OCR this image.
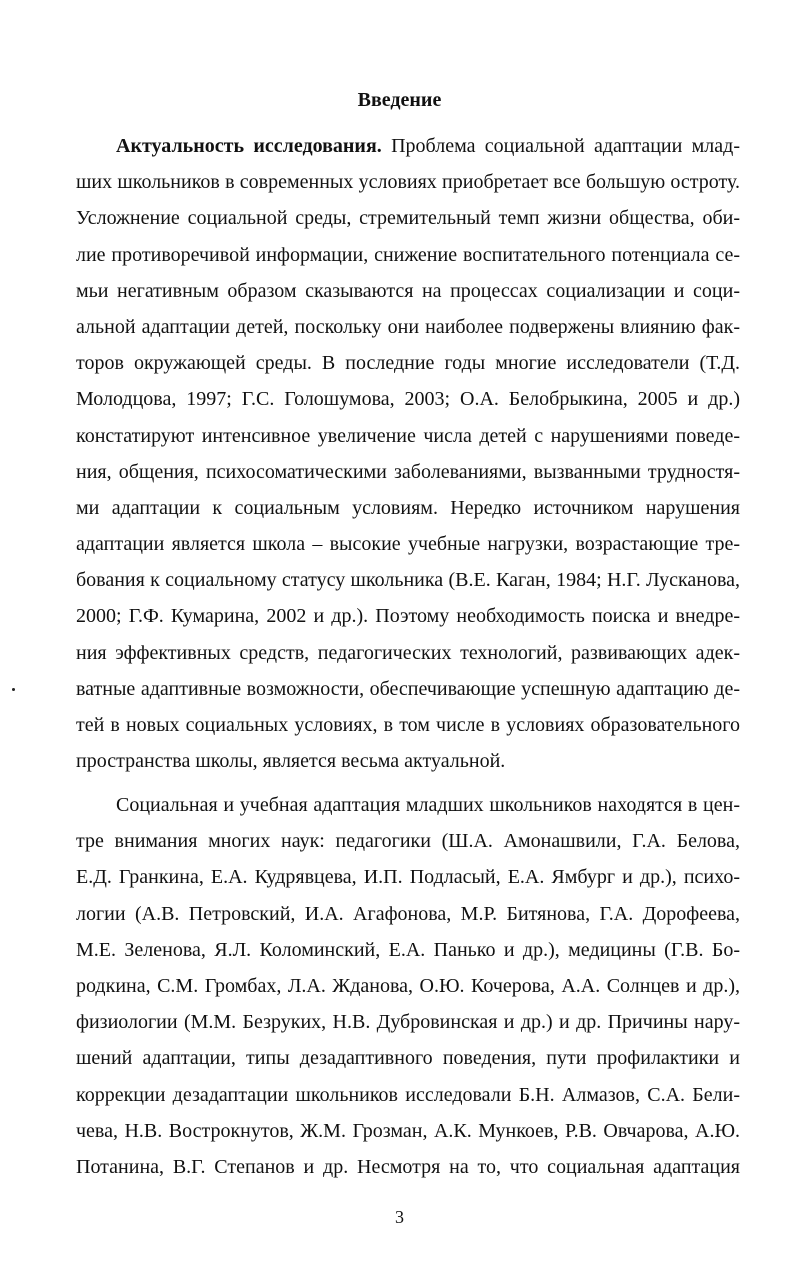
Введение
Актуальность исследования. Проблема социальной адаптации млад-
ших школьников в современных условиях приобретает все большую остроту.
Усложнение социальной среды, стремительный темп жизни общества, оби-
лие противоречивой информации, снижение воспитательного потенциала се-
мьи негативным образом сказываются на процессах социализации и соци-
альной адаптации детей, поскольку они наиболее подвержены влиянию фак-
торов окружающей среды. В последние годы многие исследователи (Т.Д.
Молодцова, 1997; Г.С. Голошумова, 2003; О.А. Белобрыкина, 2005 и др.)
констатируют интенсивное увеличение числа детей с нарушениями поведе-
ния, общения, психосоматическими заболеваниями, вызванными трудностя-
ми адаптации к социальным условиям. Нередко источником нарушения
адаптации является школа – высокие учебные нагрузки, возрастающие тре-
бования к социальному статусу школьника (В.Е. Каган, 1984; Н.Г. Лусканова,
2000; Г.Ф. Кумарина, 2002 и др.). Поэтому необходимость поиска и внедре-
ния эффективных средств, педагогических технологий, развивающих адек-
ватные адаптивные возможности, обеспечивающие успешную адаптацию де-
тей в новых социальных условиях, в том числе в условиях образовательного
пространства школы, является весьма актуальной.
Социальная и учебная адаптация младших школьников находятся в цен-
тре внимания многих наук: педагогики (Ш.А. Амонашвили, Г.А. Белова,
Е.Д. Гранкина, Е.А. Кудрявцева, И.П. Подласый, Е.А. Ямбург и др.), психо-
логии (А.В. Петровский, И.А. Агафонова, М.Р. Битянова, Г.А. Дорофеева,
М.Е. Зеленова, Я.Л. Коломинский, Е.А. Панько и др.), медицины (Г.В. Бо-
родкина, С.М. Громбах, Л.А. Жданова, О.Ю. Кочерова, А.А. Солнцев и др.),
физиологии (М.М. Безруких, Н.В. Дубровинская и др.) и др. Причины нару-
шений адаптации, типы дезадаптивного поведения, пути профилактики и
коррекции дезадаптации школьников исследовали Б.Н. Алмазов, С.А. Бели-
чева, Н.В. Вострокнутов, Ж.М. Грозман, А.К. Мункоев, Р.В. Овчарова, А.Ю.
Потанина, В.Г. Степанов и др. Несмотря на то, что социальная адаптация
3
